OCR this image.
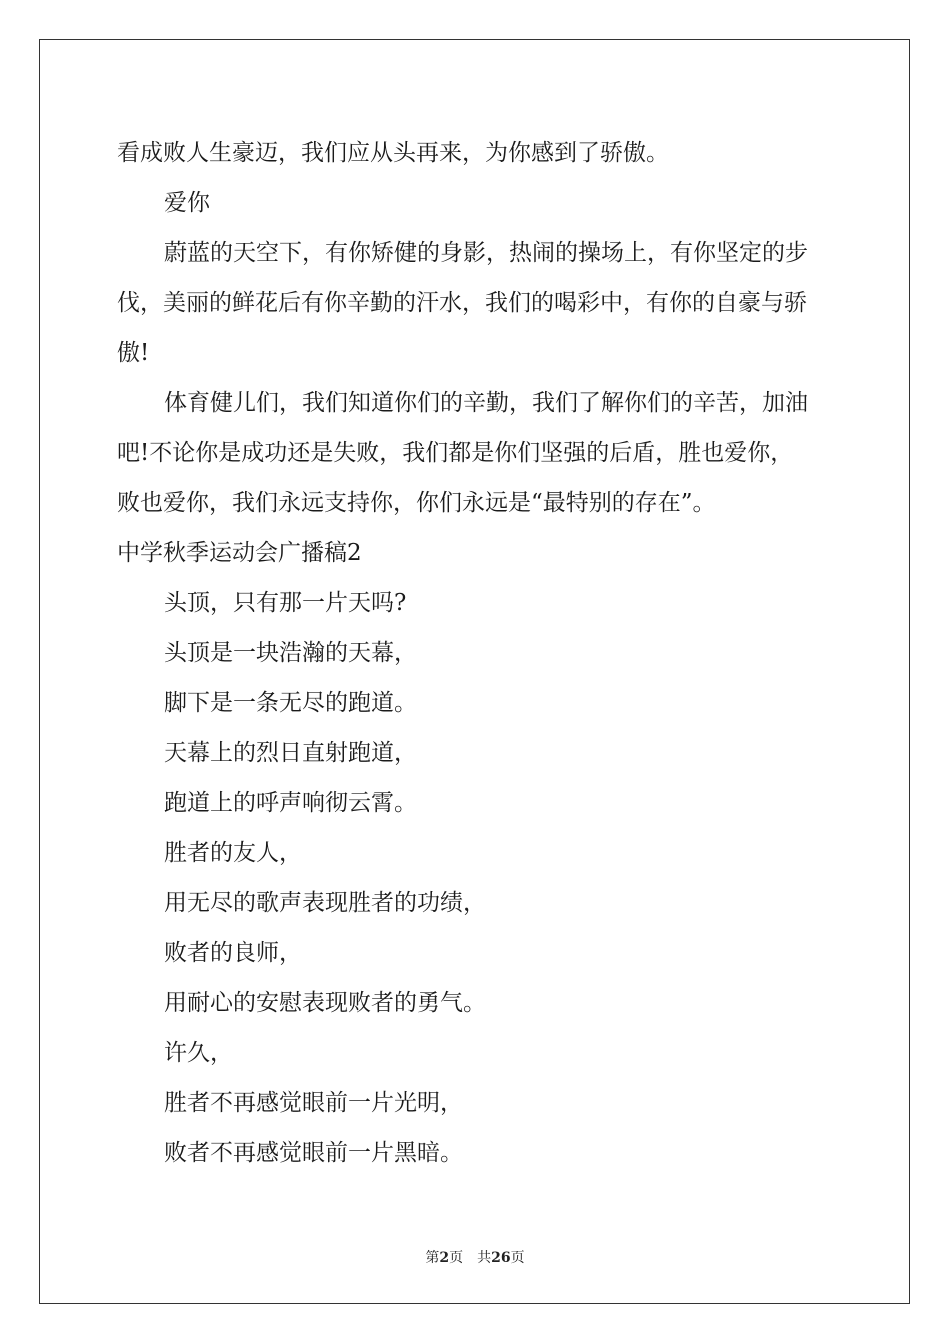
看成败人生豪迈，我们应从头再来，为你感到了骄傲。
爱你
蔚蓝的天空下，有你矫健的身影，热闹的操场上，有你坚定的步
伐，美丽的鲜花后有你辛勤的汗水，我们的喝彩中，有你的自豪与骄
傲!
体育健儿们，我们知道你们的辛勤，我们了解你们的辛苦，加油
吧!不论你是成功还是失败，我们都是你们坚强的后盾，胜也爱你，
败也爱你，我们永远支持你，你们永远是“最特别的存在”。
中学秋季运动会广播稿2
头顶，只有那一片天吗?
头顶是一块浩瀚的天幕，
脚下是一条无尽的跑道。
天幕上的烈日直射跑道，
跑道上的呼声响彻云霄。
胜者的友人，
用无尽的歌声表现胜者的功绩，
败者的良师，
用耐心的安慰表现败者的勇气。
许久，
胜者不再感觉眼前一片光明，
败者不再感觉眼前一片黑暗。
第2页 共26页
